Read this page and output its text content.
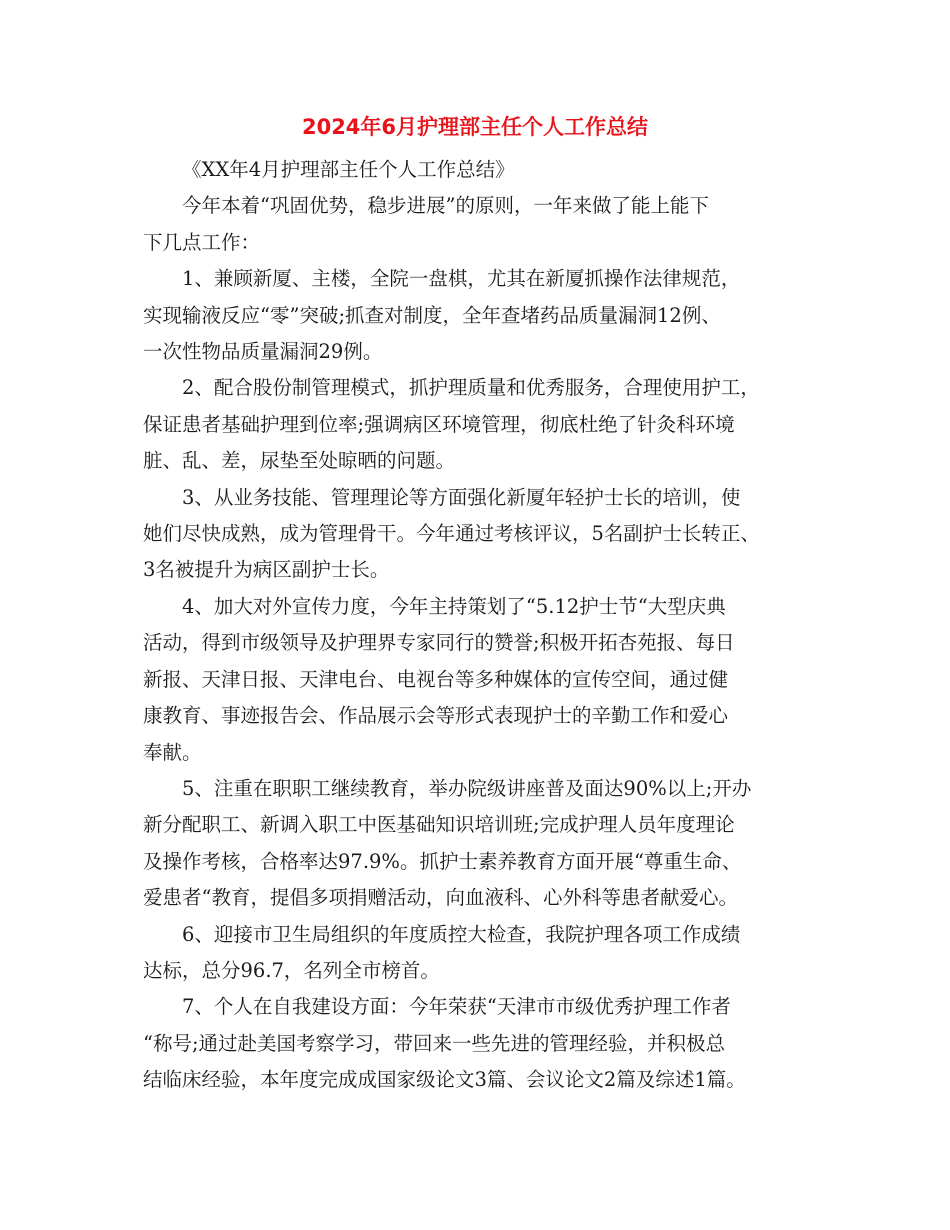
2024年6月护理部主任个人工作总结
《XX年4月护理部主任个人工作总结》
今年本着“巩固优势，稳步进展”的原则，一年来做了能上能下
下几点工作：
1、兼顾新厦、主楼，全院一盘棋，尤其在新厦抓操作法律规范，
实现输液反应“零”突破;抓查对制度，全年查堵药品质量漏洞12例、
一次性物品质量漏洞29例。
2、配合股份制管理模式，抓护理质量和优秀服务，合理使用护工，
保证患者基础护理到位率;强调病区环境管理，彻底杜绝了针灸科环境
脏、乱、差，尿垫至处晾晒的问题。
3、从业务技能、管理理论等方面强化新厦年轻护士长的培训，使
她们尽快成熟，成为管理骨干。今年通过考核评议，5名副护士长转正、
3名被提升为病区副护士长。
4、加大对外宣传力度，今年主持策划了“5.12护士节“大型庆典
活动，得到市级领导及护理界专家同行的赞誉;积极开拓杏苑报、每日
新报、天津日报、天津电台、电视台等多种媒体的宣传空间，通过健
康教育、事迹报告会、作品展示会等形式表现护士的辛勤工作和爱心
奉献。
5、注重在职职工继续教育，举办院级讲座普及面达90%以上;开办
新分配职工、新调入职工中医基础知识培训班;完成护理人员年度理论
及操作考核，合格率达97.9%。抓护士素养教育方面开展“尊重生命、
爱患者“教育，提倡多项捐赠活动，向血液科、心外科等患者献爱心。
6、迎接市卫生局组织的年度质控大检查，我院护理各项工作成绩
达标，总分96.7，名列全市榜首。
7、个人在自我建设方面：今年荣获“天津市市级优秀护理工作者
“称号;通过赴美国考察学习，带回来一些先进的管理经验，并积极总
结临床经验，本年度完成成国家级论文3篇、会议论文2篇及综述1篇。
